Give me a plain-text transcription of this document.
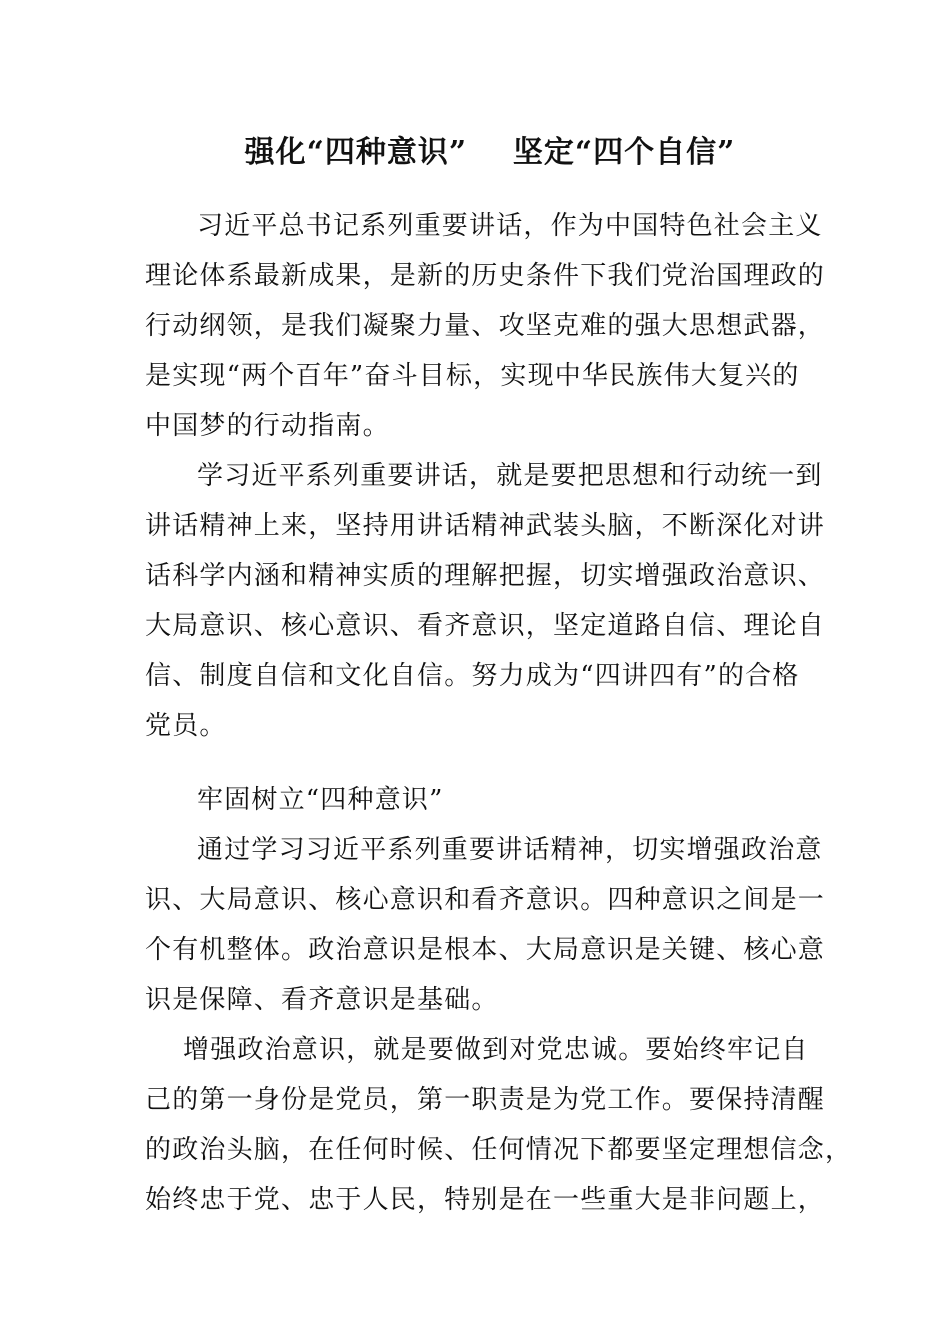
强化“四种意识”    坚定“四个自信”
习近平总书记系列重要讲话，作为中国特色社会主义
理论体系最新成果，是新的历史条件下我们党治国理政的
行动纲领，是我们凝聚力量、攻坚克难的强大思想武器，
是实现“两个百年”奋斗目标，实现中华民族伟大复兴的
中国梦的行动指南。
学习近平系列重要讲话，就是要把思想和行动统一到
讲话精神上来，坚持用讲话精神武装头脑，不断深化对讲
话科学内涵和精神实质的理解把握，切实增强政治意识、
大局意识、核心意识、看齐意识，坚定道路自信、理论自
信、制度自信和文化自信。努力成为“四讲四有”的合格
党员。
牢固树立“四种意识”
通过学习习近平系列重要讲话精神，切实增强政治意
识、大局意识、核心意识和看齐意识。四种意识之间是一
个有机整体。政治意识是根本、大局意识是关键、核心意
识是保障、看齐意识是基础。
增强政治意识，就是要做到对党忠诚。要始终牢记自
己的第一身份是党员，第一职责是为党工作。要保持清醒
的政治头脑，在任何时候、任何情况下都要坚定理想信念，
始终忠于党、忠于人民，特别是在一些重大是非问题上，
